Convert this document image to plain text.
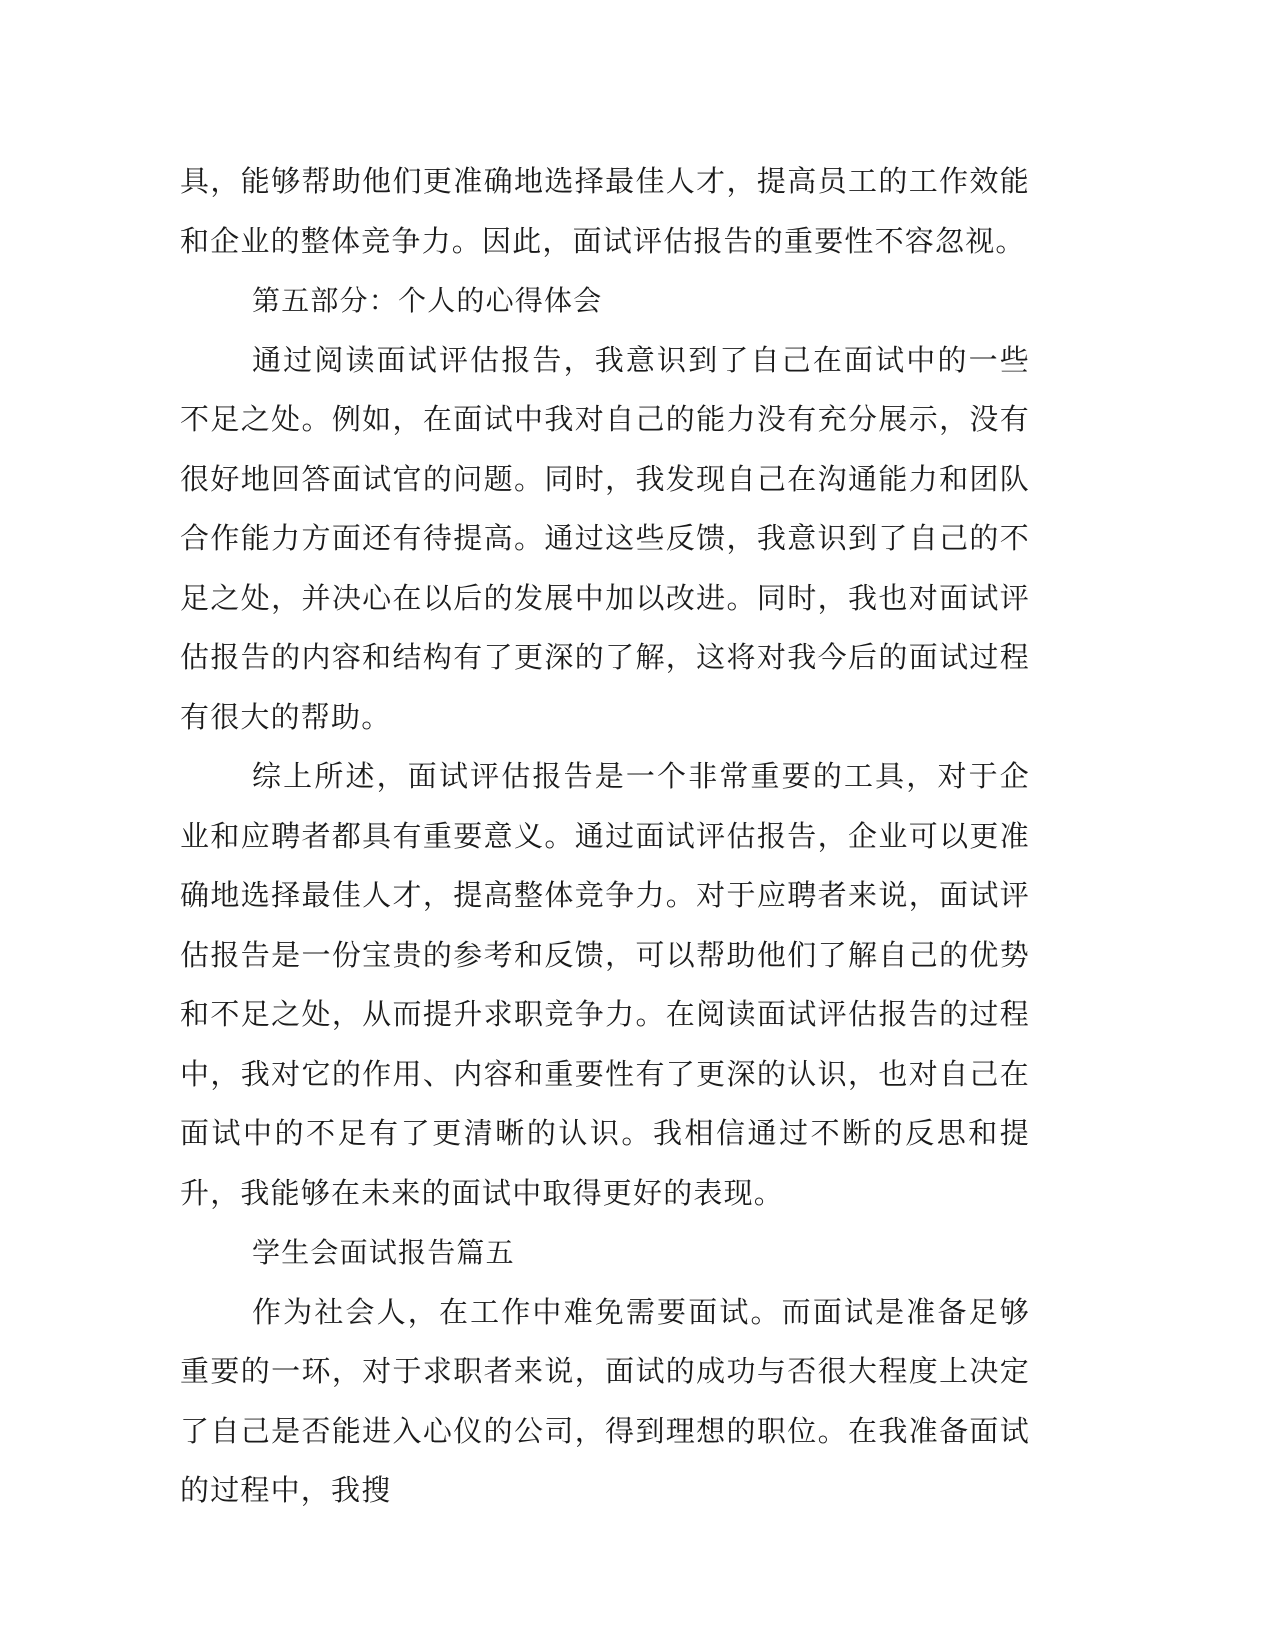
具，能够帮助他们更准确地选择最佳人才，提高员工的工作效能和企业的整体竞争力。因此，面试评估报告的重要性不容忽视。

第五部分：个人的心得体会

通过阅读面试评估报告，我意识到了自己在面试中的一些不足之处。例如，在面试中我对自己的能力没有充分展示，没有很好地回答面试官的问题。同时，我发现自己在沟通能力和团队合作能力方面还有待提高。通过这些反馈，我意识到了自己的不足之处，并决心在以后的发展中加以改进。同时，我也对面试评估报告的内容和结构有了更深的了解，这将对我今后的面试过程有很大的帮助。

综上所述，面试评估报告是一个非常重要的工具，对于企业和应聘者都具有重要意义。通过面试评估报告，企业可以更准确地选择最佳人才，提高整体竞争力。对于应聘者来说，面试评估报告是一份宝贵的参考和反馈，可以帮助他们了解自己的优势和不足之处，从而提升求职竞争力。在阅读面试评估报告的过程中，我对它的作用、内容和重要性有了更深的认识，也对自己在面试中的不足有了更清晰的认识。我相信通过不断的反思和提升，我能够在未来的面试中取得更好的表现。

学生会面试报告篇五

作为社会人，在工作中难免需要面试。而面试是准备足够重要的一环，对于求职者来说，面试的成功与否很大程度上决定了自己是否能进入心仪的公司，得到理想的职位。在我准备面试的过程中，我搜
